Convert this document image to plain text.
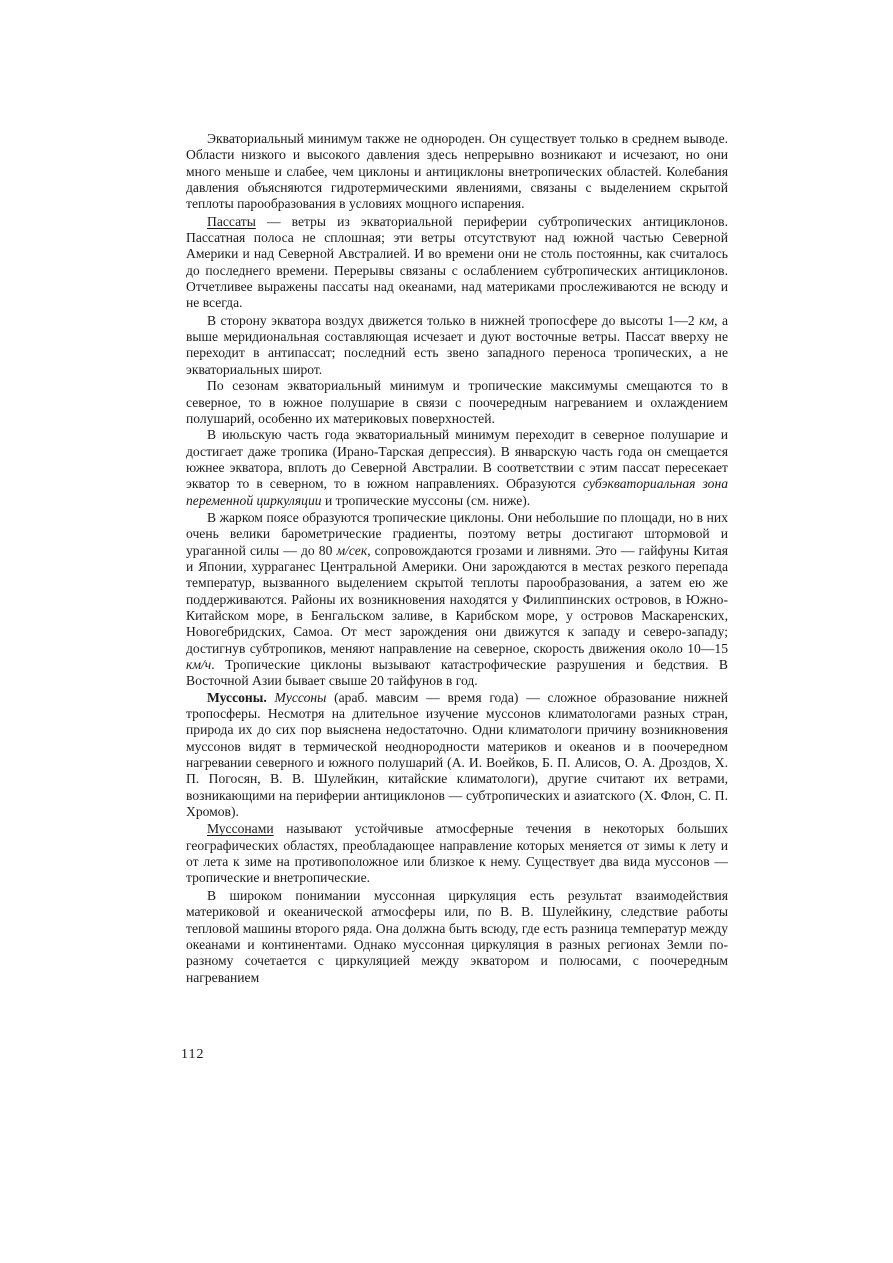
Экваториальный минимум также не однороден. Он существует только в среднем выводе. Области низкого и высокого давления здесь непрерывно возникают и исчезают, но они много меньше и слабее, чем циклоны и антициклоны внетропических областей. Колебания давления объясняются гидротермическими явлениями, связаны с выделением скрытой теплоты парообразования в условиях мощного испарения.

Пассаты — ветры из экваториальной периферии субтропических антициклонов. Пассатная полоса не сплошная; эти ветры отсутствуют над южной частью Северной Америки и над Северной Австралией. И во времени они не столь постоянны, как считалось до последнего времени. Перерывы связаны с ослаблением субтропических антициклонов. Отчетливее выражены пассаты над океанами, над материками прослеживаются не всюду и не всегда.

В сторону экватора воздух движется только в нижней тропосфере до высоты 1—2 км, а выше меридиональная составляющая исчезает и дуют восточные ветры. Пассат вверху не переходит в антипассат; последний есть звено западного переноса тропических, а не экваториальных широт.

По сезонам экваториальный минимум и тропические максимумы смещаются то в северное, то в южное полушарие в связи с поочередным нагреванием и охлаждением полушарий, особенно их материковых поверхностей.

В июльскую часть года экваториальный минимум переходит в северное полушарие и достигает даже тропика (Ирано-Тарская депрессия). В январскую часть года он смещается южнее экватора, вплоть до Северной Австралии. В соответствии с этим пассат пересекает экватор то в северном, то в южном направлениях. Образуются субэкваториальная зона переменной циркуляции и тропические муссоны (см. ниже).

В жарком поясе образуются тропические циклоны. Они небольшие по площади, но в них очень велики барометрические градиенты, поэтому ветры достигают штормовой и ураганной силы — до 80 м/сек, сопровождаются грозами и ливнями. Это — гайфуны Китая и Японии, хурраганес Центральной Америки. Они зарождаются в местах резкого перепада температур, вызванного выделением скрытой теплоты парообразования, а затем ею же поддерживаются. Районы их возникновения находятся у Филиппинских островов, в Южно-Китайском море, в Бенгальском заливе, в Карибском море, у островов Маскаренских, Новогебридских, Самоа. От мест зарождения они движутся к западу и северо-западу; достигнув субтропиков, меняют направление на северное, скорость движения около 10—15 км/ч. Тропические циклоны вызывают катастрофические разрушения и бедствия. В Восточной Азии бывает свыше 20 тайфунов в год.

Муссоны. Муссоны (араб. мавсим — время года) — сложное образование нижней тропосферы. Несмотря на длительное изучение муссонов климатологами разных стран, природа их до сих пор выяснена недостаточно. Одни климатологи причину возникновения муссонов видят в термической неоднородности материков и океанов и в поочередном нагревании северного и южного полушарий (А. И. Воейков, Б. П. Алисов, О. А. Дроздов, Х. П. Погосян, В. В. Шулейкин, китайские климатологи), другие считают их ветрами, возникающими на периферии антициклонов — субтропических и азиатского (Х. Флон, С. П. Хромов).

Муссонами называют устойчивые атмосферные течения в некоторых больших географических областях, преобладающее направление которых меняется от зимы к лету и от лета к зиме на противоположное или близкое к нему. Существует два вида муссонов — тропические и внетропические.

В широком понимании муссонная циркуляция есть результат взаимодействия материковой и океанической атмосферы или, по В. В. Шулейкину, следствие работы тепловой машины второго ряда. Она должна быть всюду, где есть разница температур между океанами и континентами. Однако муссонная циркуляция в разных регионах Земли по-разному сочетается с циркуляцией между экватором и полюсами, с поочередным нагреванием

112
